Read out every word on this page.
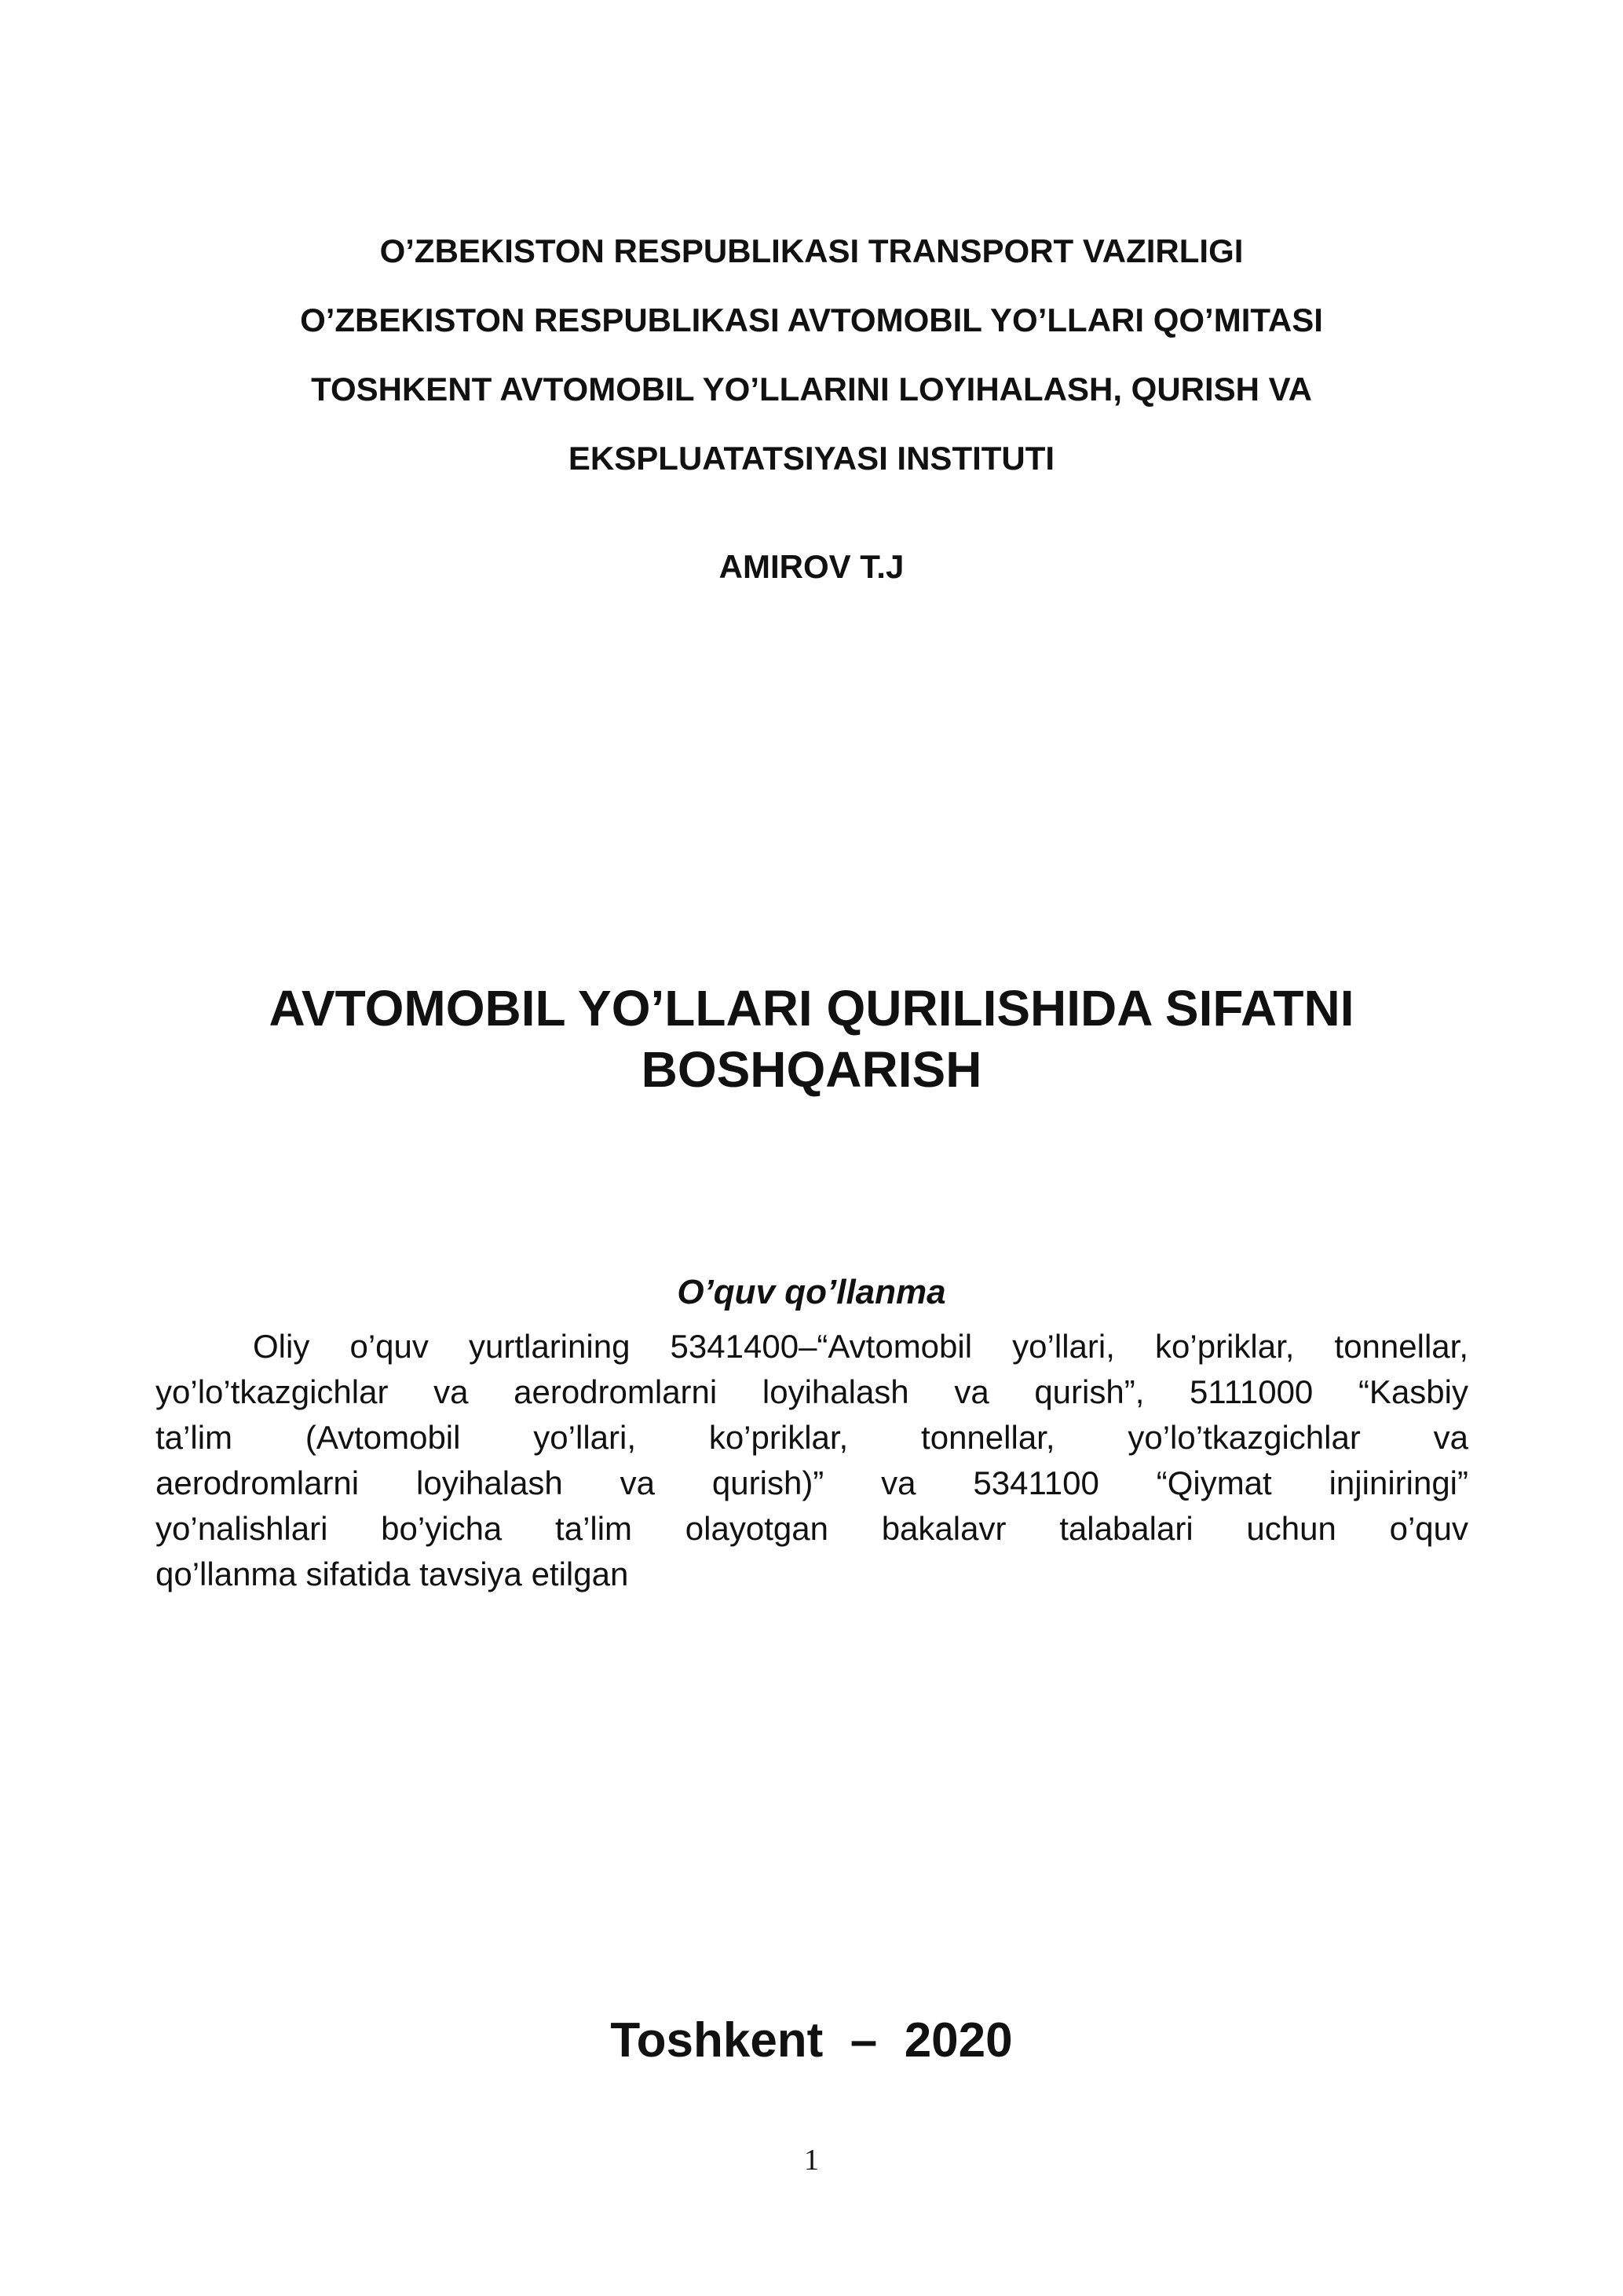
O’ZBEKISTON RESPUBLIKASI TRANSPORT VAZIRLIGI
O’ZBEKISTON RESPUBLIKASI AVTOMOBIL YO’LLARI QO’MITASI
TOSHKENT AVTOMOBIL YO’LLARINI LOYIHALASH, QURISH VA
EKSPLUATATSIYASI INSTITUTI
AMIROV T.J
AVTOMOBIL YO’LLARI QURILISHIDA SIFATNI
BOSHQARISH
O’quv qo’llanma
Oliy o’quv yurtlarining 5341400–“Avtomobil yo’llari, ko’priklar, tonnellar,
yo’lo’tkazgichlar va aerodromlarni loyihalash va qurish”, 5111000 “Kasbiy
ta’lim (Avtomobil yo’llari, ko’priklar, tonnellar, yo’lo’tkazgichlar va
aerodromlarni loyihalash va qurish)” va 5341100 “Qiymat injiniringi”
yo’nalishlari bo’yicha ta’lim olayotgan bakalavr talabalari uchun o’quv
qo’llanma sifatida tavsiya etilgan
Toshkent  –  2020
1
